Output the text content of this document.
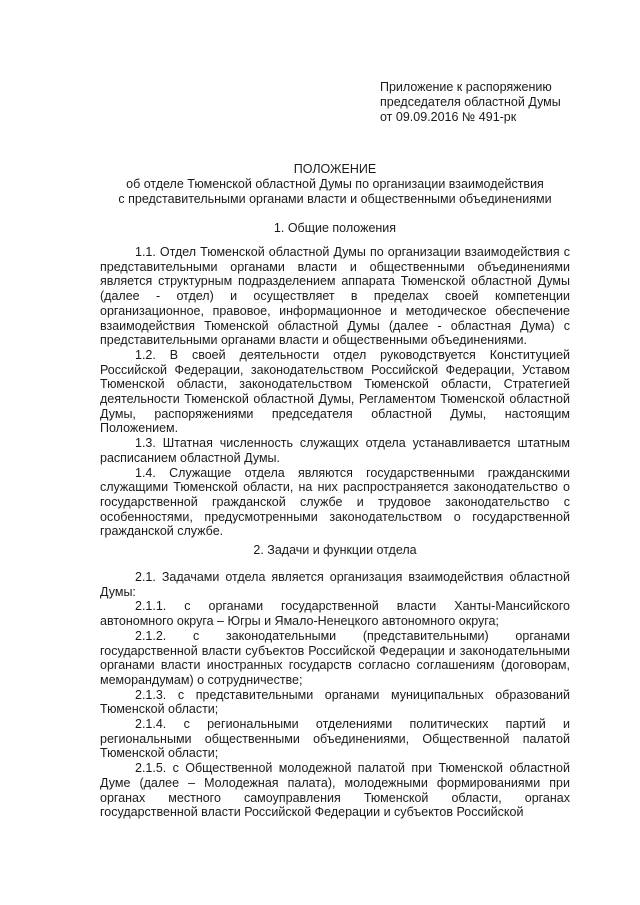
Приложение к распоряжению
председателя областной Думы
от 09.09.2016 № 491-рк
ПОЛОЖЕНИЕ
об отделе Тюменской областной Думы по организации взаимодействия
с представительными органами власти и общественными объединениями
1. Общие положения

1.1. Отдел Тюменской областной Думы по организации взаимодействия с представительными органами власти и общественными объединениями является структурным подразделением аппарата Тюменской областной Думы (далее - отдел) и осуществляет в пределах своей компетенции организационное, правовое, информационное и методическое обеспечение взаимодействия Тюменской областной Думы (далее - областная Дума) с представительными органами власти и общественными объединениями.

1.2. В своей деятельности отдел руководствуется Конституцией Российской Федерации, законодательством Российской Федерации, Уставом Тюменской области, законодательством Тюменской области, Стратегией деятельности Тюменской областной Думы, Регламентом Тюменской областной Думы, распоряжениями председателя областной Думы, настоящим Положением.

1.3. Штатная численность служащих отдела устанавливается штатным расписанием областной Думы.

1.4. Служащие отдела являются государственными гражданскими служащими Тюменской области, на них распространяется законодательство о государственной гражданской службе и трудовое законодательство с особенностями, предусмотренными законодательством о государственной гражданской службе.

2. Задачи и функции отдела

2.1. Задачами отдела является организация взаимодействия областной Думы:

2.1.1. с органами государственной власти Ханты-Мансийского автономного округа – Югры и Ямало-Ненецкого автономного округа;

2.1.2. с законодательными (представительными) органами государственной власти субъектов Российской Федерации и законодательными органами власти иностранных государств согласно соглашениям (договорам, меморандумам) о сотрудничестве;

2.1.3. с представительными органами муниципальных образований Тюменской области;

2.1.4. с региональными отделениями политических партий и региональными общественными объединениями, Общественной палатой Тюменской области;

2.1.5. с Общественной молодежной палатой при Тюменской областной Думе (далее – Молодежная палата), молодежными формированиями при органах местного самоуправления Тюменской области, органах государственной власти Российской Федерации и субъектов Российской
